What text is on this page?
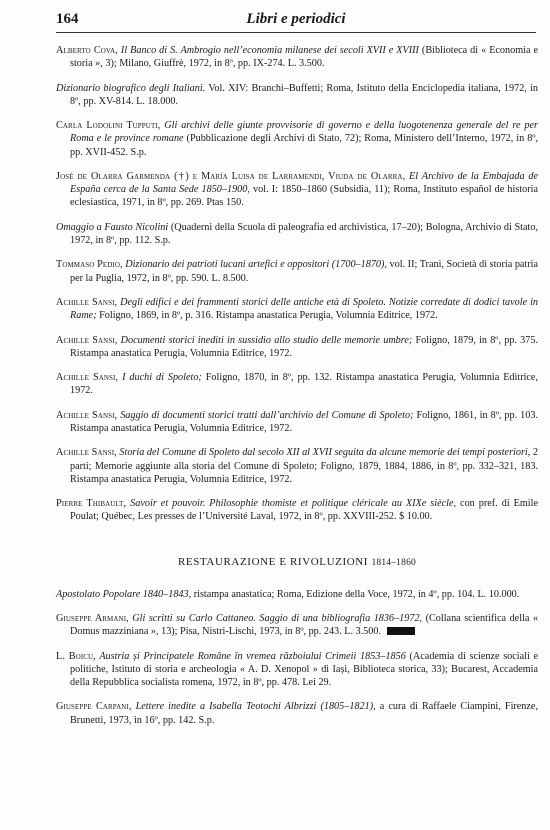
164	Libri e periodici

Alberto Cova, Il Banco di S. Ambrogio nell’economia milanese dei secoli XVII e XVIII (Biblioteca di « Economia e storia », 3); Milano, Giuffrè, 1972, in 8º, pp. IX-274. L. 3.500.

Dizionario biografico degli Italiani. Vol. XIV: Branchi–Buffetti; Roma, Istituto della Enciclopedia italiana, 1972, in 8º, pp. XV-814. L. 18.000.

Carla Lodolini Tupputi, Gli archivi delle giunte provvisorie di governo e della luogotenenza generale del re per Roma e le province romane (Pubblicazione degli Archivi di Stato, 72); Roma, Ministero dell’Interno, 1972, in 8º, pp. XVII-452. S.p.

José de Olarra Garmenda (†) e María Luisa de Larramendi, Viuda de Olarra, El Archivo de la Embajada de España cerca de la Santa Sede 1850–1900, vol. I: 1850–1860 (Subsidia, 11); Roma, Instituto español de historia eclesiastica, 1971, in 8º, pp. 269. Ptas 150.

Omaggio a Fausto Nicolini (Quaderni della Scuola di paleografia ed archivistica, 17–20); Bologna, Archivio di Stato, 1972, in 8º, pp. 112. S.p.

Tommaso Pedio, Dizionario dei patrioti lucani artefici e oppositori (1700–1870), vol. II; Trani, Società di storia patria per la Puglia, 1972, in 8º, pp. 590. L. 8.500.

Achille Sansi, Degli edifici e dei frammenti storici delle antiche età di Spoleto. Notizie corredate di dodici tavole in Rame; Foligno, 1869, in 8º, p. 316. Ristampa anastatica Perugia, Volumnia Editrice, 1972.

Achille Sansi, Documenti storici inediti in sussidio allo studio delle memorie umbre; Foligno, 1879, in 8º, pp. 375. Ristampa anastatica Perugia, Volumnia Editrice, 1972.

Achille Sansi, I duchi di Spoleto; Foligno, 1870, in 8º, pp. 132. Ristampa anastatica Perugia, Volumnia Editrice, 1972.

Achille Sansi, Saggio di documenti storici tratti dall’archivio del Comune di Spoleto; Foligno, 1861, in 8º, pp. 103. Ristampa anastatica Perugia, Volumnia Editrice, 1972.

Achille Sansi, Storia del Comune di Spoleto dal secolo XII al XVII seguita da alcune memorie dei tempi posteriori, 2 parti; Memorie aggiunte alla storia del Comune di Spoleto; Foligno, 1879, 1884, 1886, in 8º, pp. 332–321, 183. Ristampa anastatica Perugia, Volumnia Editrice, 1972.

Pierre Thibault, Savoir et pouvoir. Philosophie thomiste et politique cléricale au XIXe siècle, con pref. di Emile Poulat; Québec, Les presses de l’Université Laval, 1972, in 8º, pp. XXVIII-252. $ 10.00.

RESTAURAZIONE E RIVOLUZIONI 1814–1860

Apostolato Popolare 1840–1843, ristampa anastatica; Roma, Edizione della Voce, 1972, in 4º, pp. 104. L. 10.000.

Giuseppe Armani, Gli scritti su Carlo Cattaneo. Saggio di una bibliografia 1836–1972, (Collana scientifica della « Domus mazziniana », 13); Pisa, Nistri-Lischi, 1973, in 8º, pp. 243. L. 3.500.

L. Boicu, Austria și Principatele Române în vremea războiului Crimeii 1853–1856 (Academia di scienze sociali e politiche, Istituto di storia e archeologia « A. D. Xenopol » di Iași, Biblioteca storica, 33); Bucarest, Accademia della Repubblica socialista romena, 1972, in 8º, pp. 478. Lei 29.

Giuseppe Carpani, Lettere inedite a Isabella Teotochi Albrizzi (1805–1821), a cura di Raffaele Ciampini, Firenze, Brunetti, 1973, in 16º, pp. 142. S.p.
